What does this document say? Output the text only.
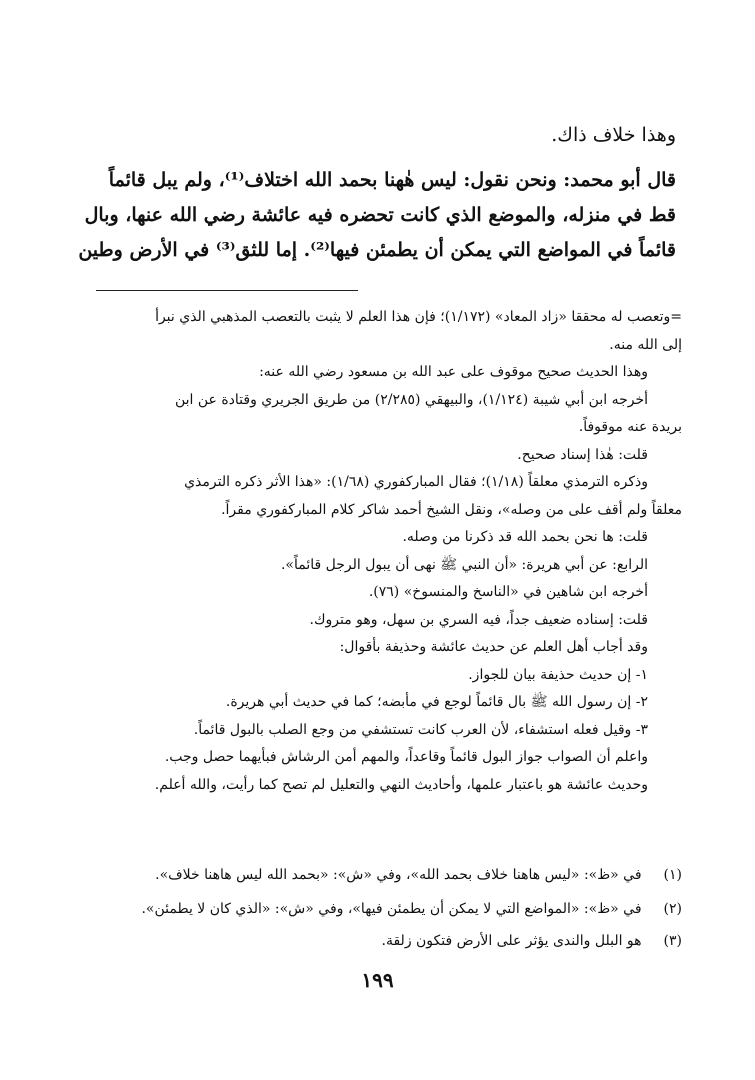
وهذا خلاف ذاك.

قال أبو محمد: ونحن نقول: ليس هٰهنا بحمد الله اختلاف⁽¹⁾، ولم يبل قائماً

قط في منزله، والموضع الذي كانت تحضره فيه عائشة رضي الله عنها، وبال

قائماً في المواضع التي يمكن أن يطمئن فيها⁽²⁾. إما للثق⁽³⁾ في الأرض وطين

=وتعصب له محققا «زاد المعاد» (١/١٧٢)؛ فإن هذا العلم لا يثبت بالتعصب المذهبي الذي نبرأ

إلى الله منه.

وهذا الحديث صحيح موقوف على عبد الله بن مسعود رضي الله عنه:

أخرجه ابن أبي شيبة (١/١٢٤)، والبيهقي (٢/٢٨٥) من طريق الجريري وقتادة عن ابن

بريدة عنه موقوفاً.

قلت: هٰذا إسناد صحيح.

وذكره الترمذي معلقاً (١/١٨)؛ فقال المباركفوري (١/٦٨): «هذا الأثر ذكره الترمذي

معلقاً ولم أقف على من وصله»، ونقل الشيخ أحمد شاكر كلام المباركفوري مقراً.

قلت: ها نحن بحمد الله قد ذكرنا من وصله.

الرابع: عن أبي هريرة: «أن النبي ﷺ نهى أن يبول الرجل قائماً».

أخرجه ابن شاهين في «الناسخ والمنسوخ» (٧٦).

قلت: إسناده ضعيف جداً، فيه السري بن سهل، وهو متروك.

وقد أجاب أهل العلم عن حديث عائشة وحذيفة بأقوال:

١- إن حديث حذيفة بيان للجواز.

٢- إن رسول الله ﷺ بال قائماً لوجع في مأبضه؛ كما في حديث أبي هريرة.

٣- وقيل فعله استشفاء، لأن العرب كانت تستشفي من وجع الصلب بالبول قائماً.

واعلم أن الصواب جواز البول قائماً وقاعداً، والمهم أمن الرشاش فبأيهما حصل وجب.

وحديث عائشة هو باعتبار علمها، وأحاديث النهي والتعليل لم تصح كما رأيت، والله أعلم.

(١) في «ظ»: «ليس هاهنا خلاف بحمد الله»، وفي «ش»: «بحمد الله ليس هاهنا خلاف».
(٢) في «ظ»: «المواضع التي لا يمكن أن يطمئن فيها»، وفي «ش»: «الذي كان لا يطمئن».
(٣) هو البلل والندى يؤثر على الأرض فتكون زلقة.
١٩٩
